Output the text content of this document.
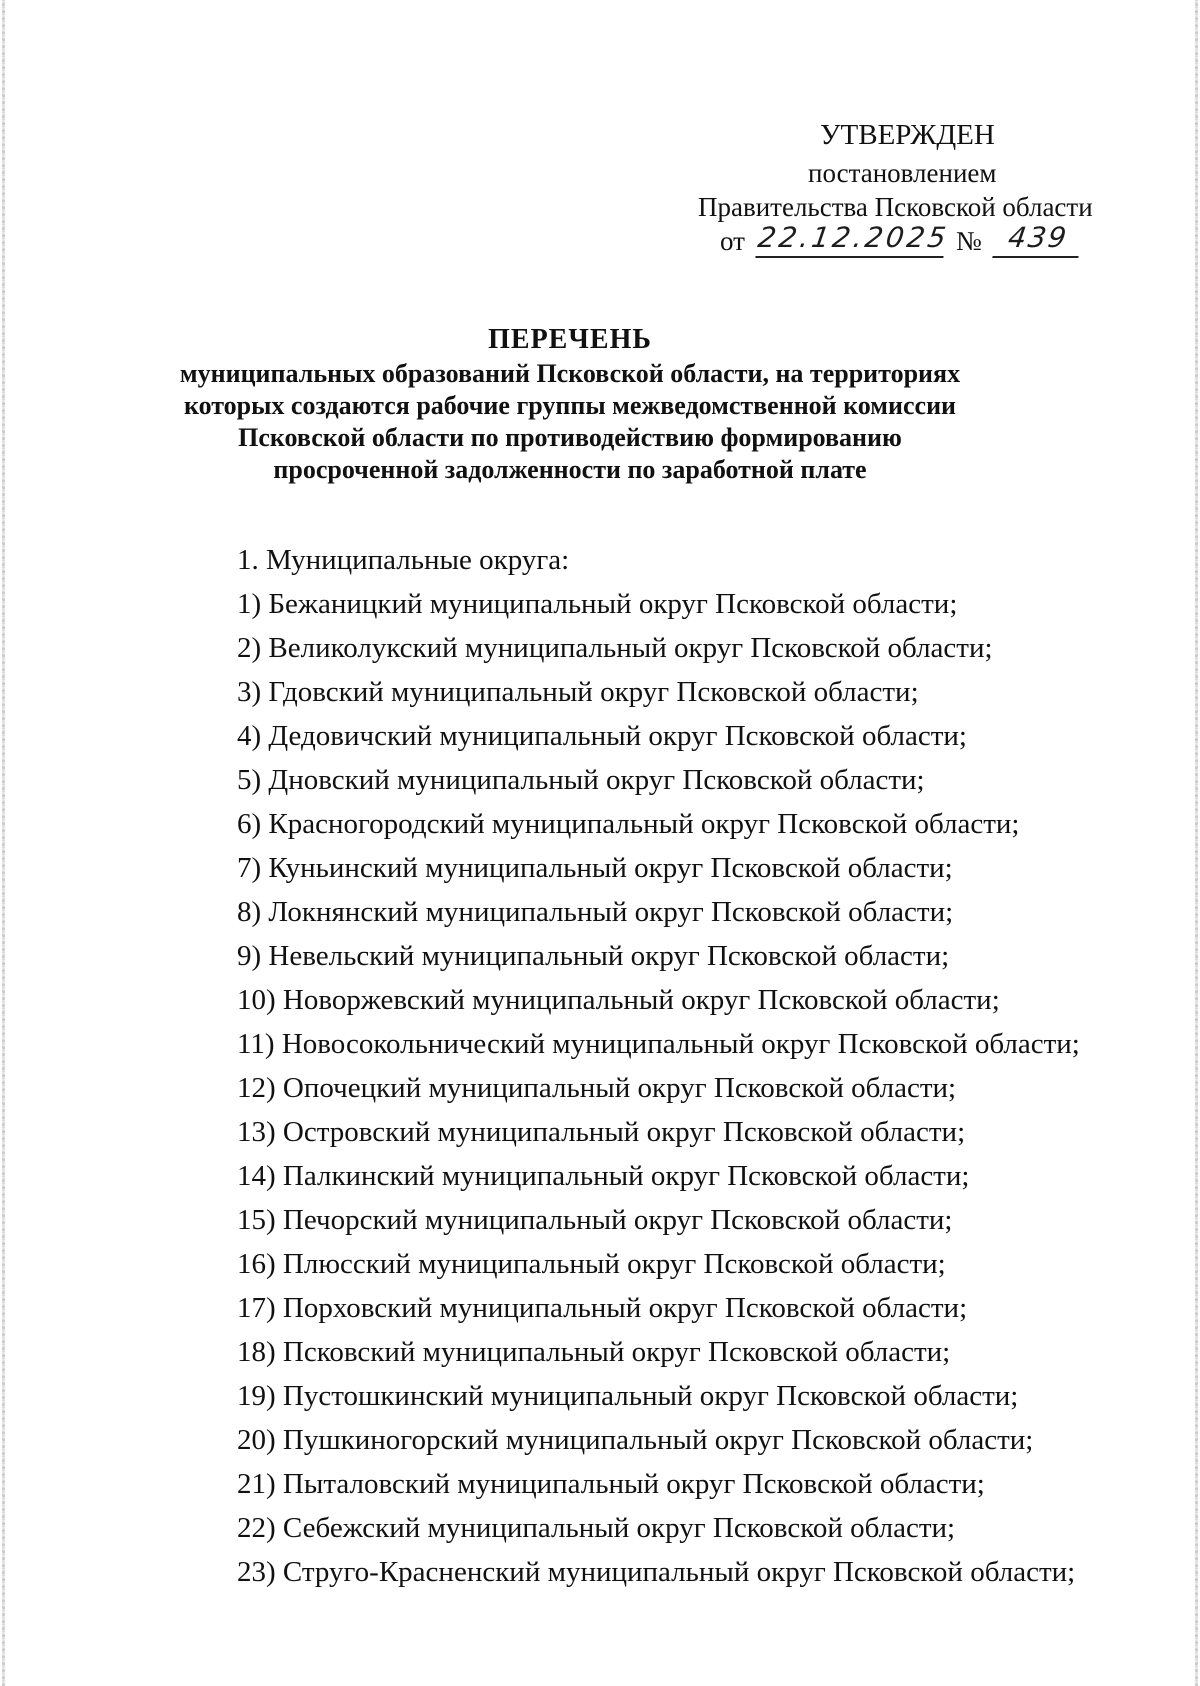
УТВЕРЖДЕН
постановлением
Правительства Псковской области
от 22.12.2025 № 439
ПЕРЕЧЕНЬ
муниципальных образований Псковской области, на территориях
которых создаются рабочие группы межведомственной комиссии
Псковской области по противодействию формированию
просроченной задолженности по заработной плате
1. Муниципальные округа:
1) Бежаницкий муниципальный округ Псковской области;
2) Великолукский муниципальный округ Псковской области;
3) Гдовский муниципальный округ Псковской области;
4) Дедовичский муниципальный округ Псковской области;
5) Дновский муниципальный округ Псковской области;
6) Красногородский муниципальный округ Псковской области;
7) Куньинский муниципальный округ Псковской области;
8) Локнянский муниципальный округ Псковской области;
9) Невельский муниципальный округ Псковской области;
10) Новоржевский муниципальный округ Псковской области;
11) Новосокольнический муниципальный округ Псковской области;
12) Опочецкий муниципальный округ Псковской области;
13) Островский муниципальный округ Псковской области;
14) Палкинский муниципальный округ Псковской области;
15) Печорский муниципальный округ Псковской области;
16) Плюсский муниципальный округ Псковской области;
17) Порховский муниципальный округ Псковской области;
18) Псковский муниципальный округ Псковской области;
19) Пустошкинский муниципальный округ Псковской области;
20) Пушкиногорский муниципальный округ Псковской области;
21) Пыталовский муниципальный округ Псковской области;
22) Себежский муниципальный округ Псковской области;
23) Струго-Красненский муниципальный округ Псковской области;
